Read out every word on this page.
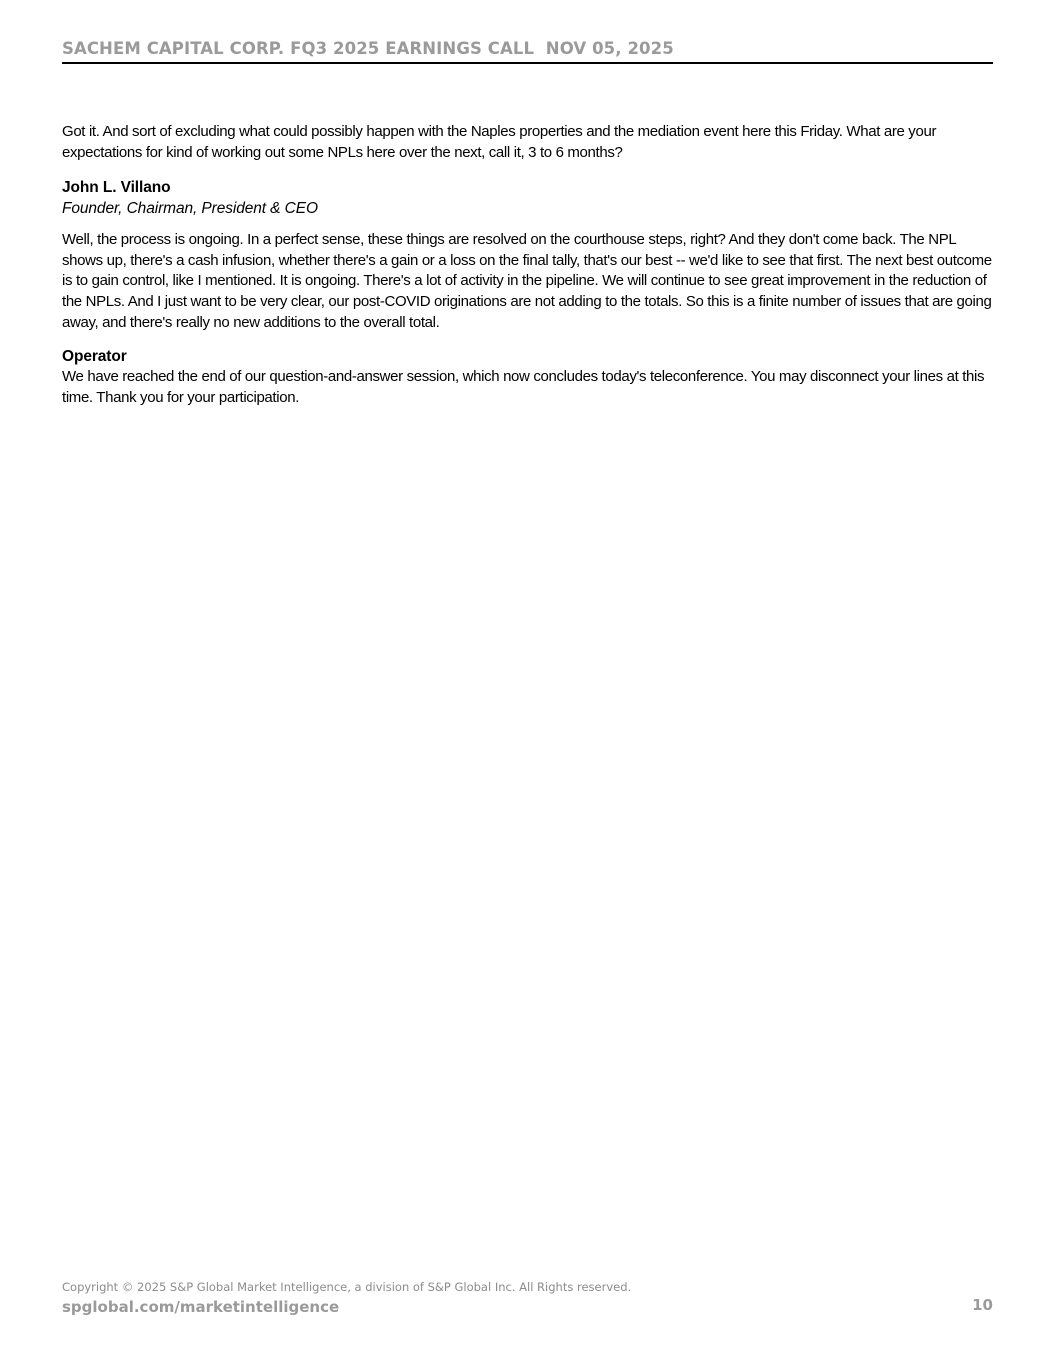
SACHEM CAPITAL CORP. FQ3 2025 EARNINGS CALL  NOV 05, 2025

Got it. And sort of excluding what could possibly happen with the Naples properties and the mediation event here this Friday. What are your expectations for kind of working out some NPLs here over the next, call it, 3 to 6 months?

John L. Villano

Founder, Chairman, President & CEO

Well, the process is ongoing. In a perfect sense, these things are resolved on the courthouse steps, right? And they don't come back. The NPL shows up, there's a cash infusion, whether there's a gain or a loss on the final tally, that's our best -- we'd like to see that first. The next best outcome is to gain control, like I mentioned. It is ongoing. There's a lot of activity in the pipeline. We will continue to see great improvement in the reduction of the NPLs. And I just want to be very clear, our post-COVID originations are not adding to the totals. So this is a finite number of issues that are going away, and there's really no new additions to the overall total.

Operator

We have reached the end of our question-and-answer session, which now concludes today's teleconference. You may disconnect your lines at this time. Thank you for your participation.

Copyright © 2025 S&P Global Market Intelligence, a division of S&P Global Inc. All Rights reserved.
spglobal.com/marketintelligence	10
